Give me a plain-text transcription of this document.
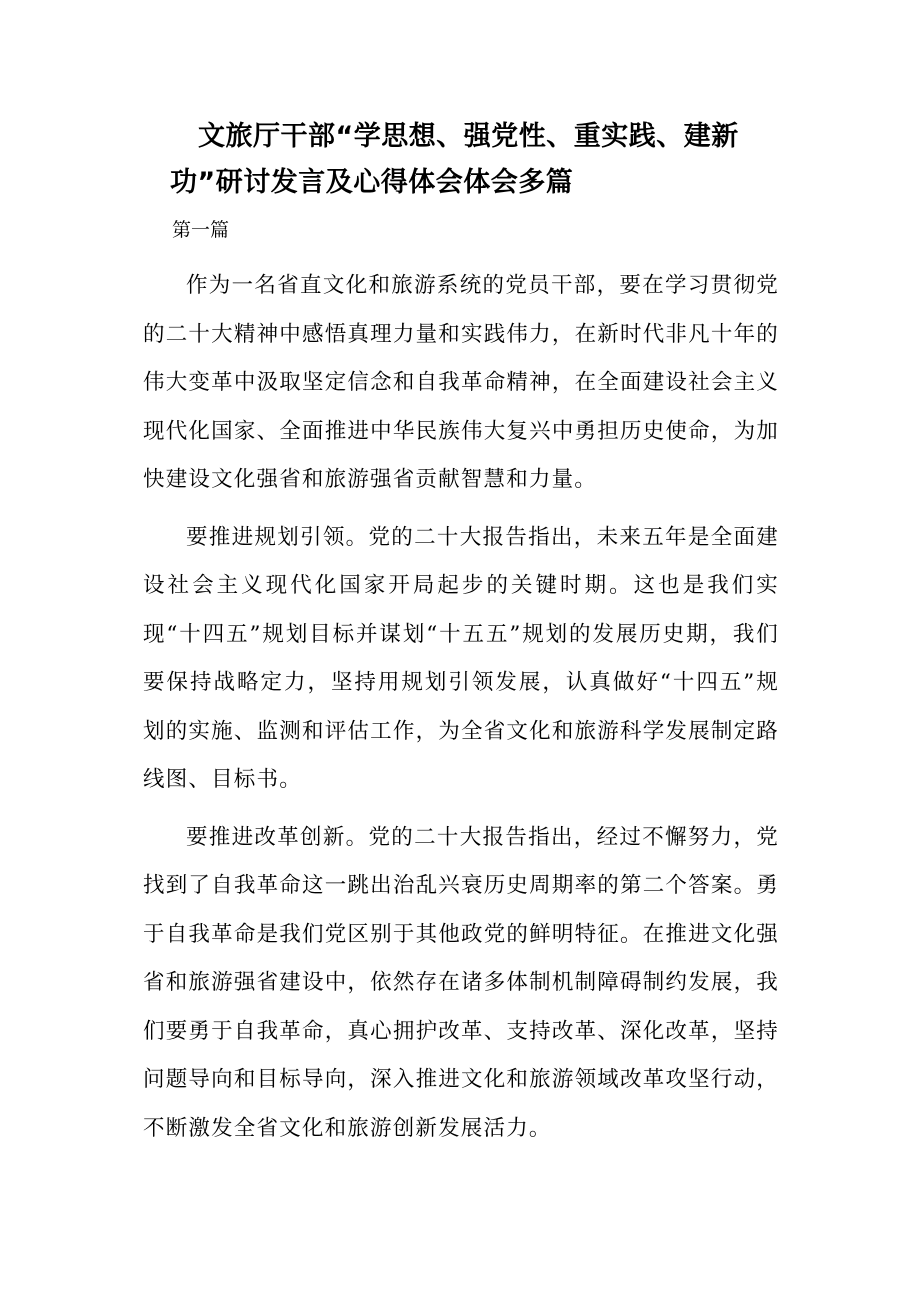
文旅厅干部“学思想、强党性、重实践、建新
功”研讨发言及心得体会体会多篇

第一篇

作为一名省直文化和旅游系统的党员干部，要在学习贯彻党的二十大精神中感悟真理力量和实践伟力，在新时代非凡十年的伟大变革中汲取坚定信念和自我革命精神，在全面建设社会主义现代化国家、全面推进中华民族伟大复兴中勇担历史使命，为加快建设文化强省和旅游强省贡献智慧和力量。

要推进规划引领。党的二十大报告指出，未来五年是全面建设社会主义现代化国家开局起步的关键时期。这也是我们实现“十四五”规划目标并谋划“十五五”规划的发展历史期，我们要保持战略定力，坚持用规划引领发展，认真做好“十四五”规划的实施、监测和评估工作，为全省文化和旅游科学发展制定路线图、目标书。

要推进改革创新。党的二十大报告指出，经过不懈努力，党找到了自我革命这一跳出治乱兴衰历史周期率的第二个答案。勇于自我革命是我们党区别于其他政党的鲜明特征。在推进文化强省和旅游强省建设中，依然存在诸多体制机制障碍制约发展，我们要勇于自我革命，真心拥护改革、支持改革、深化改革，坚持问题导向和目标导向，深入推进文化和旅游领域改革攻坚行动，不断激发全省文化和旅游创新发展活力。
